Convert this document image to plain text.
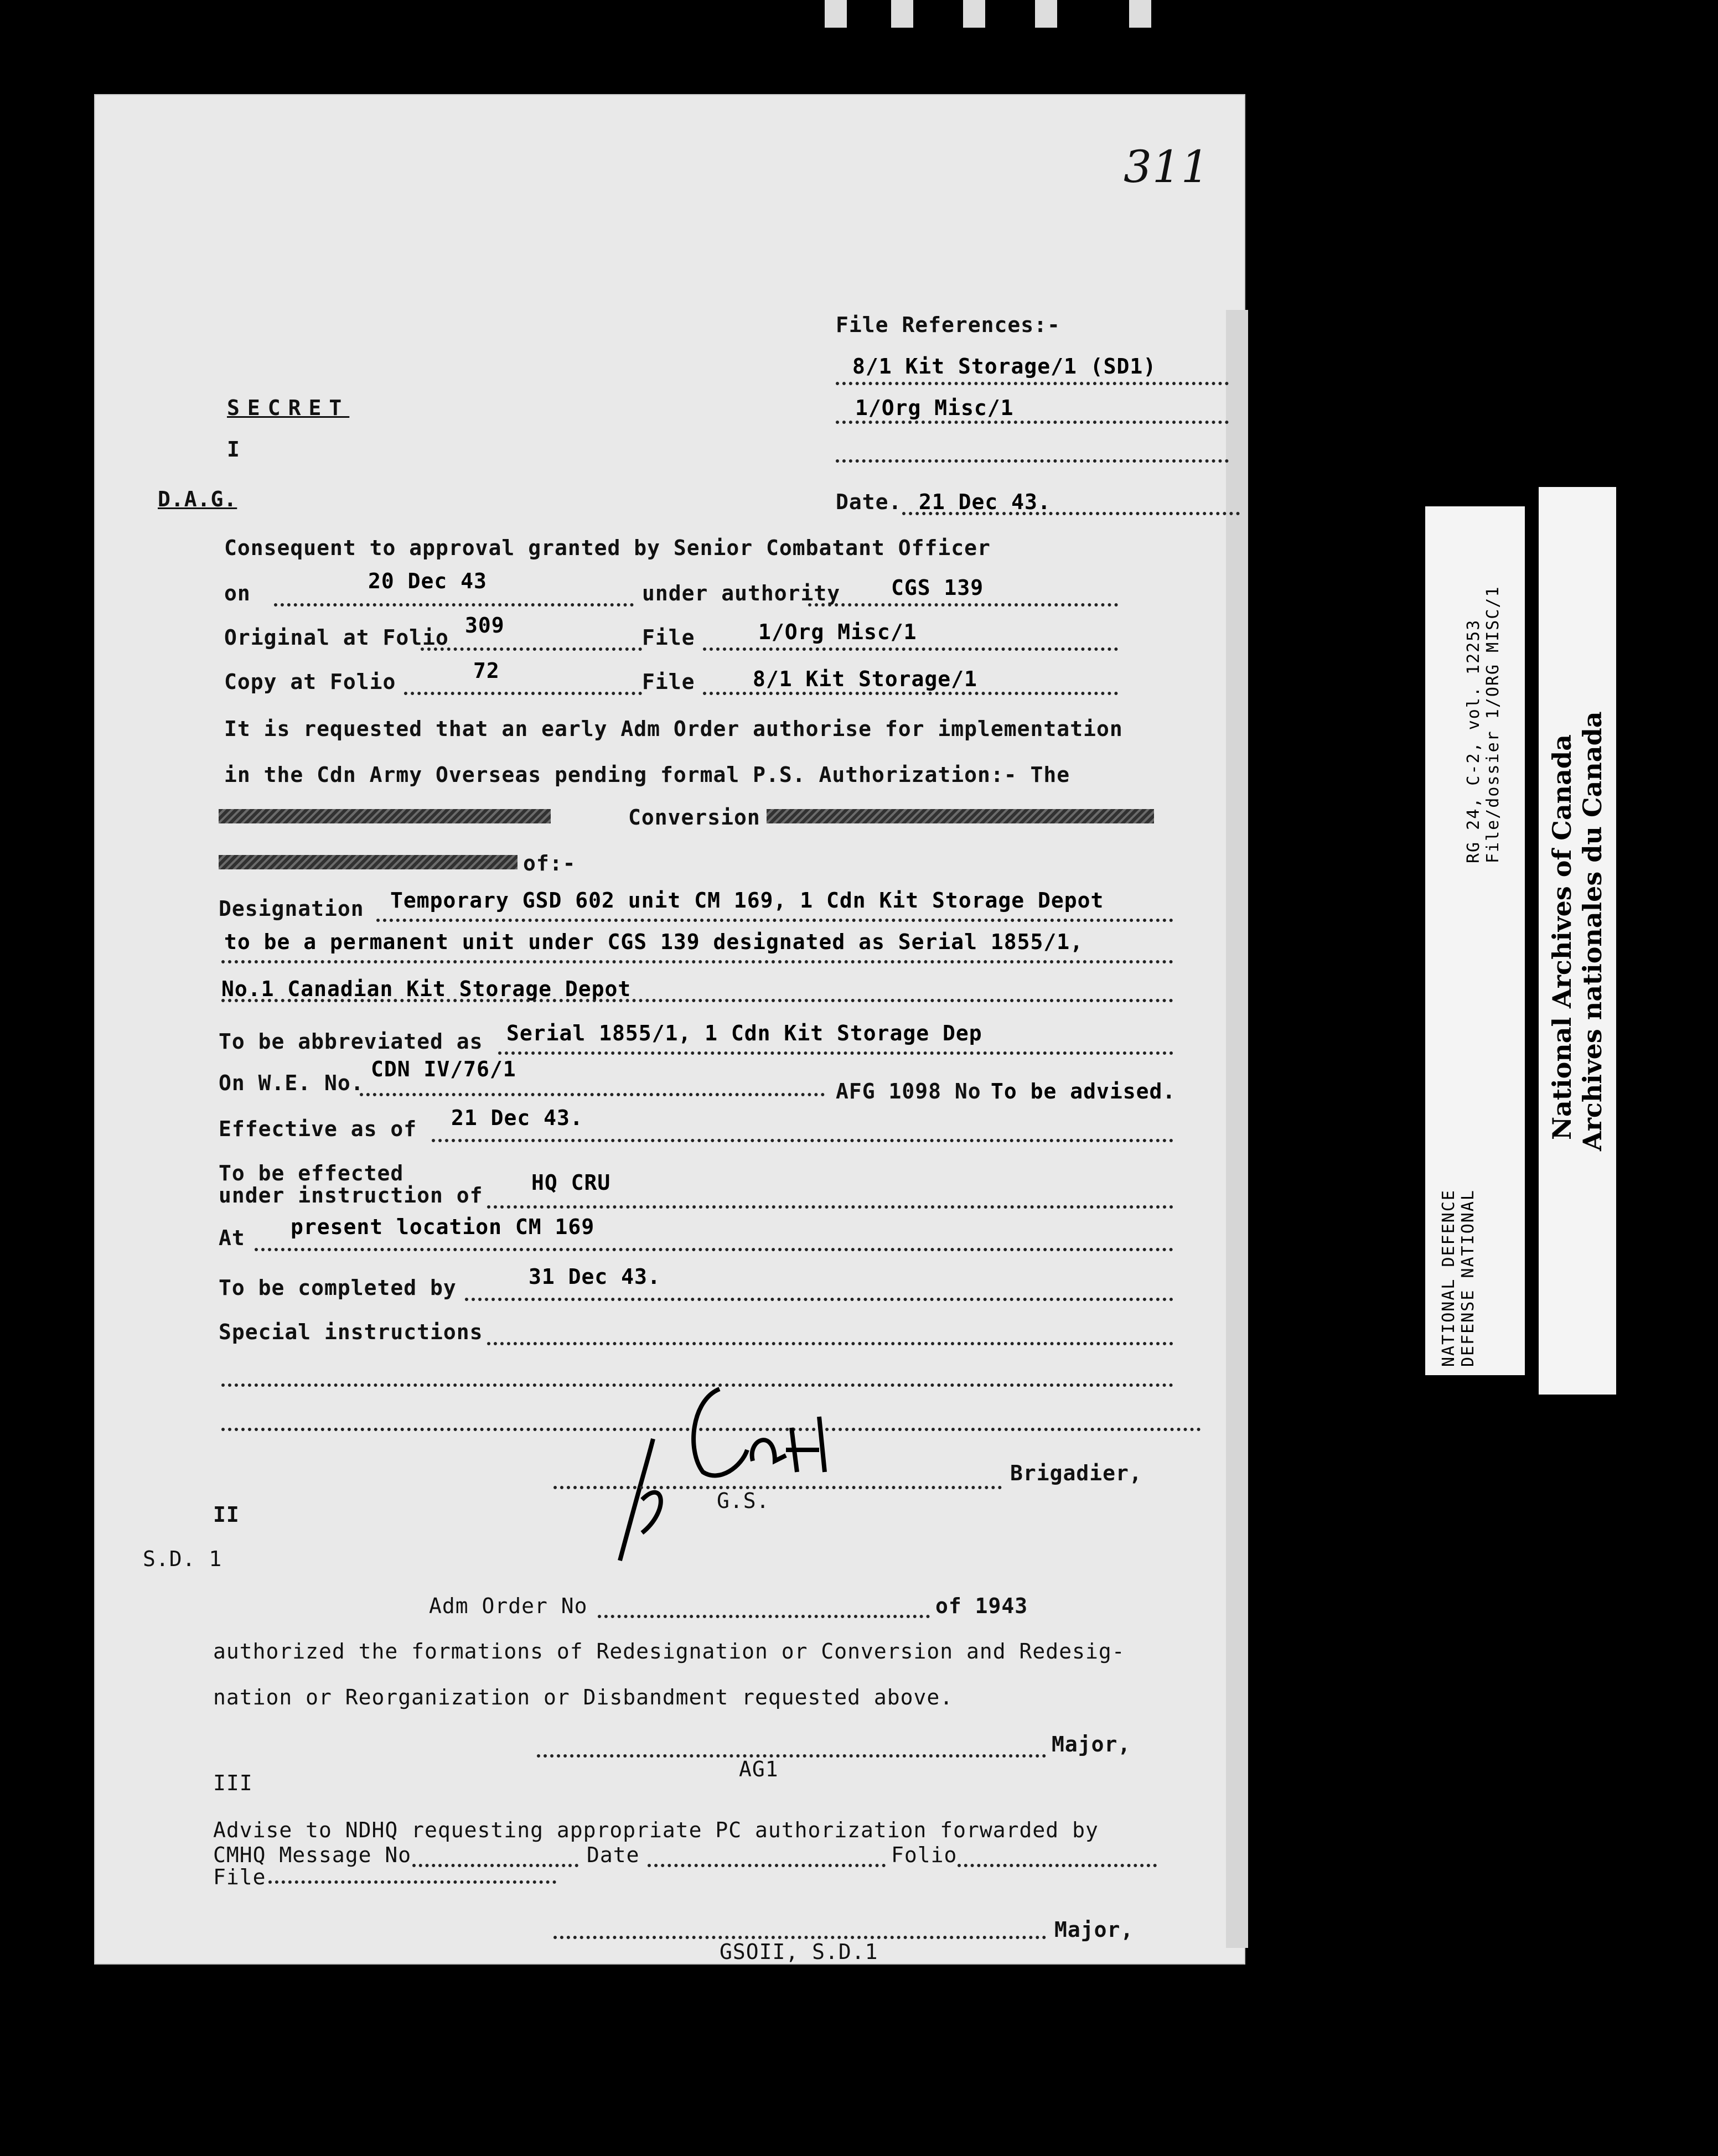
311
File References:-
8/1 Kit Storage/1 (SD1)
1/Org Misc/1
SECRET
I
D.A.G.	Date. 21 Dec 43.
Consequent to approval granted by Senior Combatant Officer
on	20 Dec 43	under authority CGS 139
Original at Folio 309	File	1/Org Misc/1
Copy at Folio	72	File	8/1 Kit Storage/1
It is requested that an early Adm Order authorise for implementation
in the Cdn Army Overseas pending formal P.S. Authorization:- The
Conversion
of:-
Designation Temporary GSD 602 unit CM 169, 1 Cdn Kit Storage Depot
to be a permanent unit under CGS 139 designated as Serial 1855/1,
No.1 Canadian Kit Storage Depot
To be abbreviated as Serial 1855/1, 1 Cdn Kit Storage Dep
On W.E. No.
CDN IV/76/1
AFG 1098 No To be advised.
Effective as of 21 Dec 43.
To be effected
under instruction of
HQ CRU
At present location CM 169
To be completed by	31 Dec 43.
Special instructions
Brigadier,
G.S.
II
S.D. 1
Adm Order No	of 1943
authorized the formations of Redesignation or Conversion and Redesig-
nation or Reorganization or Disbandment requested above.
Major,
AG1
III
Advise to NDHQ requesting appropriate PC authorization forwarded by
CMHQ Message No	Date	Folio
File
Major,
GSOII, S.D.1
RG 24, C-2, vol. 12253 File/dossier 1/ORG MISC/1
NATIONAL DEFENCE DEFENSE NATIONAL
National Archives of Canada Archives nationales du Canada
